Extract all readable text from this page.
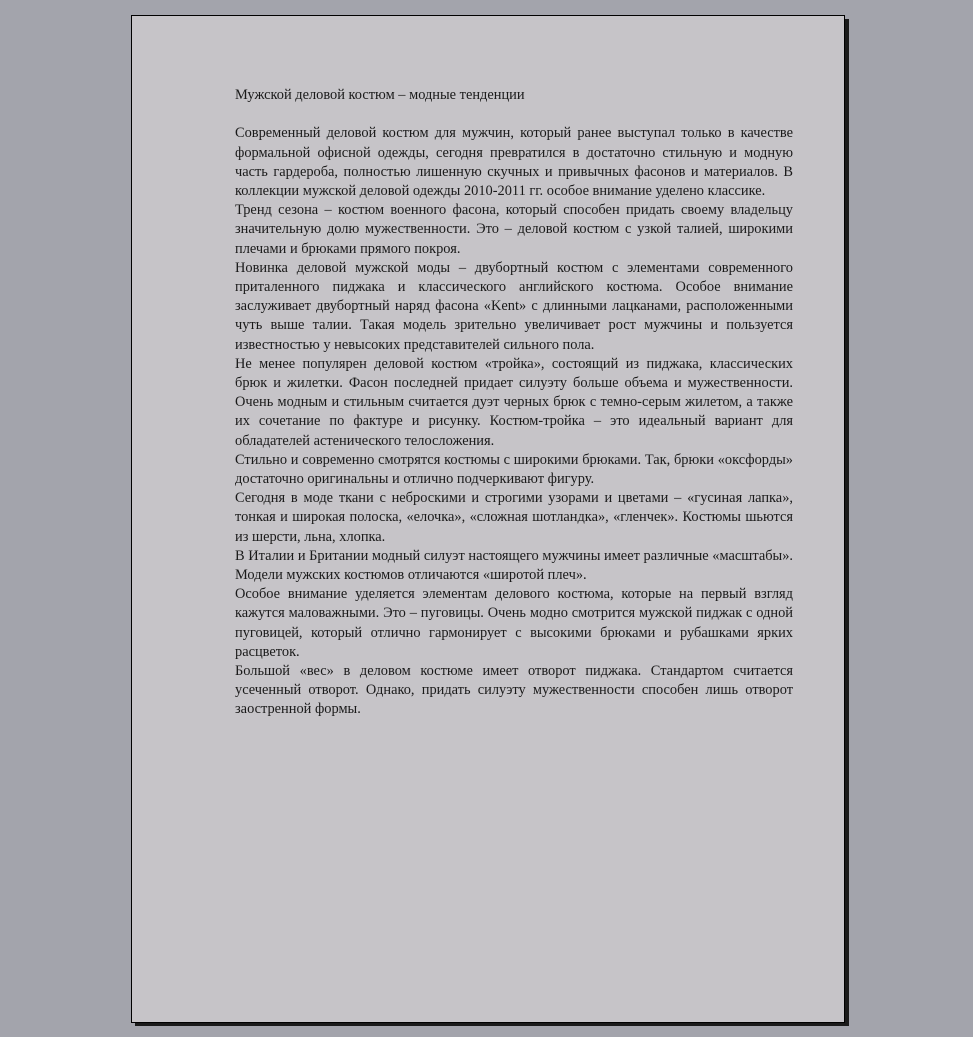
Мужской деловой костюм – модные тенденции

Современный деловой костюм для мужчин, который ранее выступал только в качестве формальной офисной одежды, сегодня превратился в достаточно стильную и модную часть гардероба, полностью лишенную скучных и привычных фасонов и материалов. В коллекции мужской деловой одежды 2010-2011 гг. особое внимание уделено классике.

Тренд сезона – костюм военного фасона, который способен придать своему владельцу значительную долю мужественности. Это – деловой костюм с узкой талией, широкими плечами и брюками прямого покроя.

Новинка деловой мужской моды – двубортный костюм с элементами современного приталенного пиджака и классического английского костюма. Особое внимание заслуживает двубортный наряд фасона «Kent» с длинными лацканами, расположенными чуть выше талии. Такая модель зрительно увеличивает рост мужчины и пользуется известностью у невысоких представителей сильного пола.

Не менее популярен деловой костюм «тройка», состоящий из пиджака, классических брюк и жилетки. Фасон последней придает силуэту больше объема и мужественности. Очень модным и стильным считается дуэт черных брюк с темно-серым жилетом, а также их сочетание по фактуре и рисунку. Костюм-тройка – это идеальный вариант для обладателей астенического телосложения.

Стильно и современно смотрятся костюмы с широкими брюками. Так, брюки «оксфорды» достаточно оригинальны и отлично подчеркивают фигуру.

Сегодня в моде ткани с неброскими и строгими узорами и цветами – «гусиная лапка», тонкая и широкая полоска, «елочка», «сложная шотландка», «гленчек». Костюмы шьются из шерсти, льна, хлопка.

В Италии и Британии модный силуэт настоящего мужчины имеет различные «масштабы». Модели мужских костюмов отличаются «широтой плеч».

Особое внимание уделяется элементам делового костюма, которые на первый взгляд кажутся маловажными. Это – пуговицы. Очень модно смотрится мужской пиджак с одной пуговицей, который отлично гармонирует с высокими брюками и рубашками ярких расцветок.

Большой «вес» в деловом костюме имеет отворот пиджака. Стандартом считается усеченный отворот. Однако, придать силуэту мужественности способен лишь отворот заостренной формы.
